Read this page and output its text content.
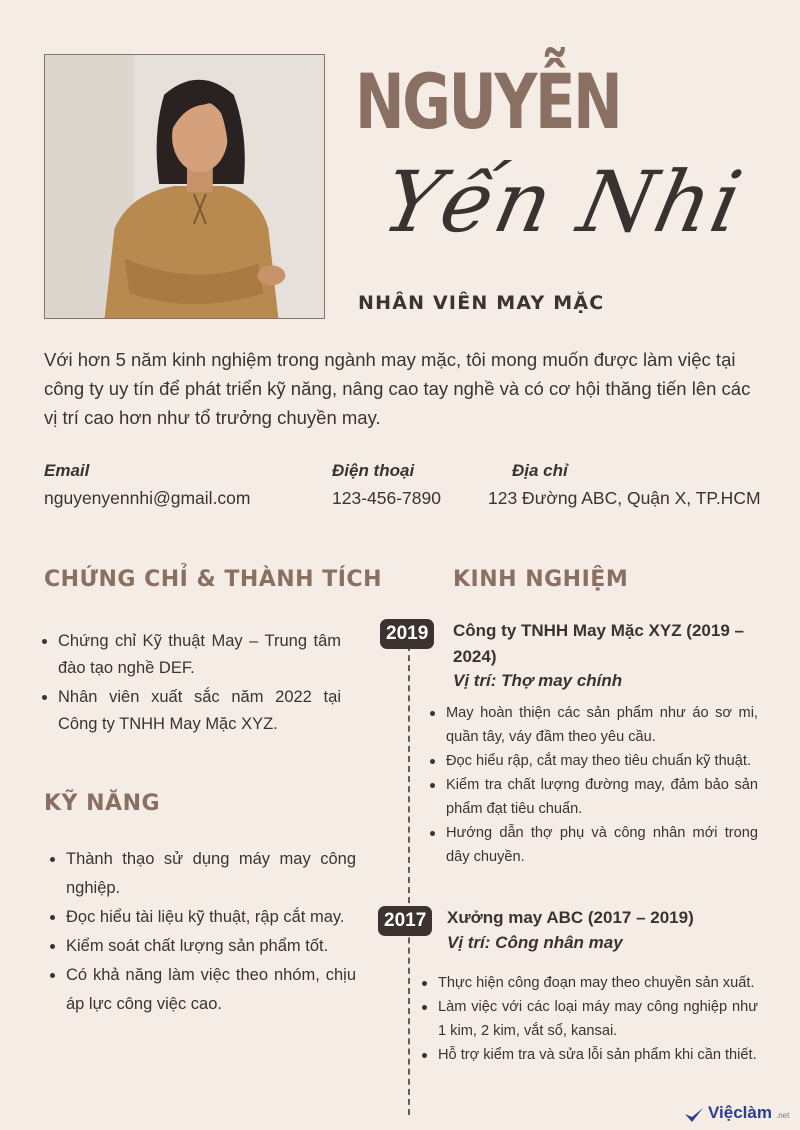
NGUYỄN
Yến Nhi
NHÂN VIÊN MAY MẶC

Với hơn 5 năm kinh nghiệm trong ngành may mặc, tôi mong muốn được làm việc tại công ty uy tín để phát triển kỹ năng, nâng cao tay nghề và có cơ hội thăng tiến lên các vị trí cao hơn như tổ trưởng chuyền may.

Email
nguyenyennhi@gmail.com
Điện thoại
123-456-7890
Địa chỉ
123 Đường ABC, Quận X, TP.HCM
CHỨNG CHỈ & THÀNH TÍCH
Chứng chỉ Kỹ thuật May – Trung tâm đào tạo nghề DEF.
Nhân viên xuất sắc năm 2022 tại Công ty TNHH May Mặc XYZ.
KỸ NĂNG
Thành thạo sử dụng máy may công nghiệp.
Đọc hiểu tài liệu kỹ thuật, rập cắt may.
Kiểm soát chất lượng sản phẩm tốt.
Có khả năng làm việc theo nhóm, chịu áp lực công việc cao.
KINH NGHIỆM
2019	Công ty TNHH May Mặc XYZ (2019 – 2024)
Vị trí: Thợ may chính
May hoàn thiện các sản phẩm như áo sơ mi, quần tây, váy đầm theo yêu cầu.
Đọc hiểu rập, cắt may theo tiêu chuẩn kỹ thuật.
Kiểm tra chất lượng đường may, đảm bảo sản phẩm đạt tiêu chuẩn.
Hướng dẫn thợ phụ và công nhân mới trong dây chuyền.
2017	Xưởng may ABC (2017 – 2019)
Vị trí: Công nhân may
Thực hiện công đoạn may theo chuyền sản xuất.
Làm việc với các loại máy may công nghiệp như 1 kim, 2 kim, vắt sổ, kansai.
Hỗ trợ kiểm tra và sửa lỗi sản phẩm khi cần thiết.
Việclàm .net
